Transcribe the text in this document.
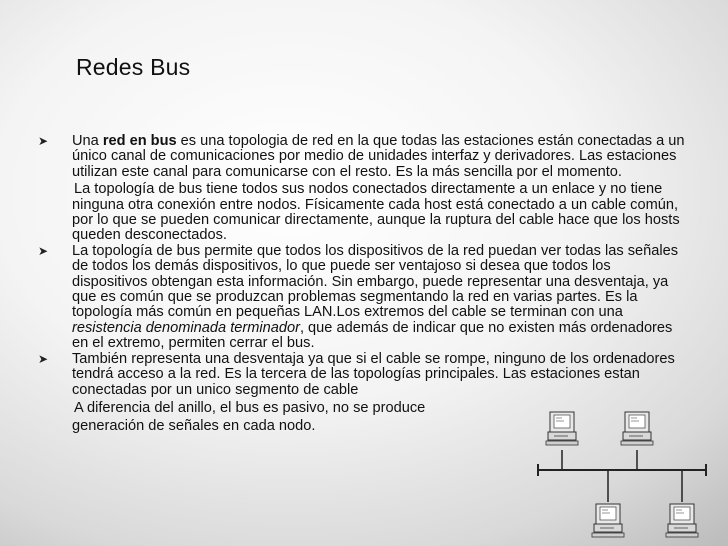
Redes Bus
➤ Una red en bus es una topologia de red en la que todas las estaciones están conectadas a un único canal de comunicaciones por medio de unidades interfaz y derivadores. Las estaciones utilizan este canal para comunicarse con el resto. Es la más sencilla por el momento.
La topología de bus tiene todos sus nodos conectados directamente a un enlace y no tiene ninguna otra conexión entre nodos. Físicamente cada host está conectado a un cable común, por lo que se pueden comunicar directamente, aunque la ruptura del cable hace que los hosts queden desconectados.
➤ La topología de bus permite que todos los dispositivos de la red puedan ver todas las señales de todos los demás dispositivos, lo que puede ser ventajoso si desea que todos los dispositivos obtengan esta información. Sin embargo, puede representar una desventaja, ya que es común que se produzcan problemas segmentando la red en varias partes. Es la topología más común en pequeñas LAN.Los extremos del cable se terminan con una resistencia denominada terminador, que además de indicar que no existen más ordenadores en el extremo, permiten cerrar el bus.
➤ También representa una desventaja ya que si el cable se rompe, ninguno de los ordenadores tendrá acceso a la red. Es la tercera de las topologías principales. Las estaciones estan conectadas por un unico segmento de cable
A diferencia del anillo, el bus es pasivo, no se produce
generación de señales en cada nodo.
